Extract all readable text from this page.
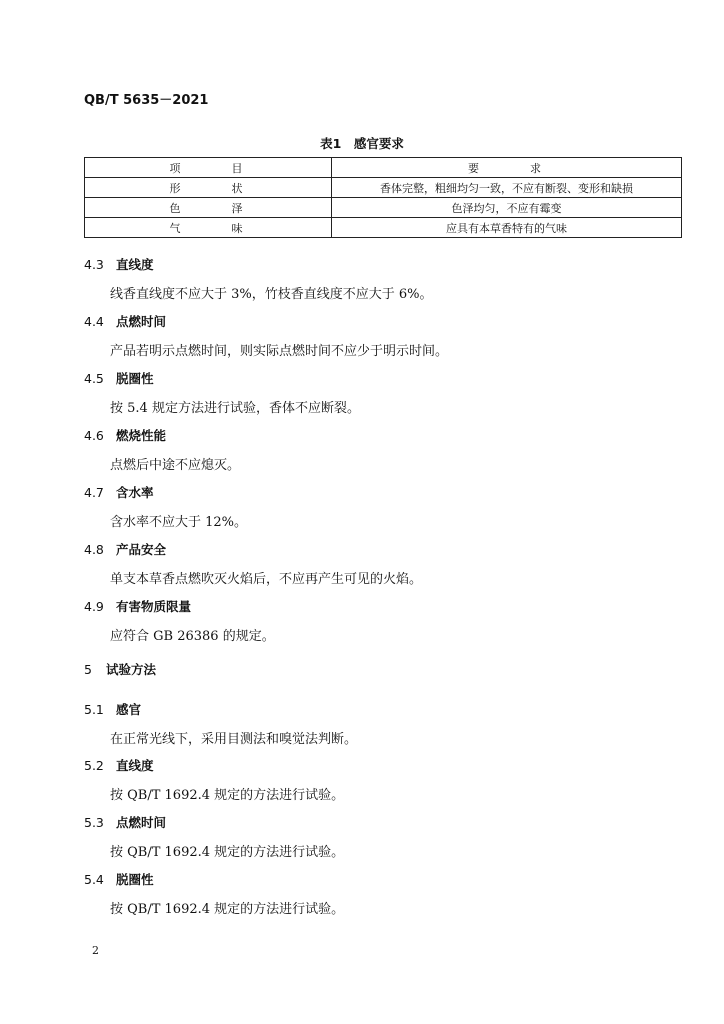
QB/T 5635－2021
表1　感官要求
项　目	要　求
形　状	香体完整，粗细均匀一致，不应有断裂、变形和缺损
色　泽	色泽均匀，不应有霉变
气　味	应具有本草香特有的气味
4.3 直线度
线香直线度不应大于 3%，竹枝香直线度不应大于 6%。
4.4 点燃时间
产品若明示点燃时间，则实际点燃时间不应少于明示时间。
4.5 脱圈性
按 5.4 规定方法进行试验，香体不应断裂。
4.6 燃烧性能
点燃后中途不应熄灭。
4.7 含水率
含水率不应大于 12%。
4.8 产品安全
单支本草香点燃吹灭火焰后，不应再产生可见的火焰。
4.9 有害物质限量
应符合 GB 26386 的规定。
5 试验方法
5.1 感官
在正常光线下，采用目测法和嗅觉法判断。
5.2 直线度
按 QB/T 1692.4 规定的方法进行试验。
5.3 点燃时间
按 QB/T 1692.4 规定的方法进行试验。
5.4 脱圈性
按 QB/T 1692.4 规定的方法进行试验。
2
